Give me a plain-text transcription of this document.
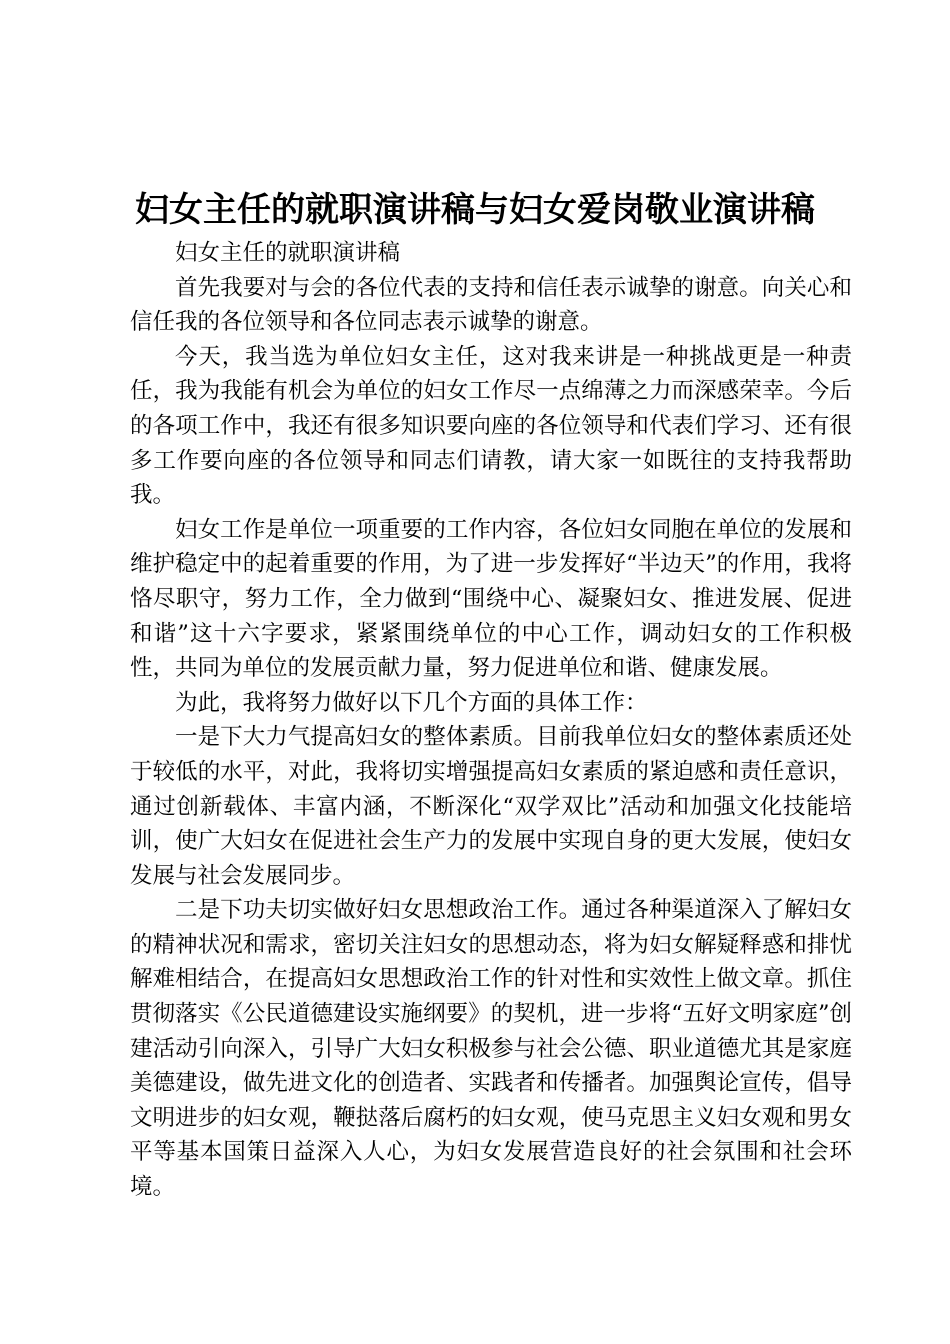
妇女主任的就职演讲稿与妇女爱岗敬业演讲稿

妇女主任的就职演讲稿

首先我要对与会的各位代表的支持和信任表示诚挚的谢意。向关心和信任我的各位领导和各位同志表示诚挚的谢意。

今天，我当选为单位妇女主任，这对我来讲是一种挑战更是一种责任，我为我能有机会为单位的妇女工作尽一点绵薄之力而深感荣幸。今后的各项工作中，我还有很多知识要向座的各位领导和代表们学习、还有很多工作要向座的各位领导和同志们请教，请大家一如既往的支持我帮助我。

妇女工作是单位一项重要的工作内容，各位妇女同胞在单位的发展和维护稳定中的起着重要的作用，为了进一步发挥好“半边天”的作用，我将恪尽职守，努力工作，全力做到“围绕中心、凝聚妇女、推进发展、促进和谐”这十六字要求，紧紧围绕单位的中心工作，调动妇女的工作积极性，共同为单位的发展贡献力量，努力促进单位和谐、健康发展。

为此，我将努力做好以下几个方面的具体工作：

一是下大力气提高妇女的整体素质。目前我单位妇女的整体素质还处于较低的水平，对此，我将切实增强提高妇女素质的紧迫感和责任意识，通过创新载体、丰富内涵，不断深化“双学双比”活动和加强文化技能培训，使广大妇女在促进社会生产力的发展中实现自身的更大发展，使妇女发展与社会发展同步。

二是下功夫切实做好妇女思想政治工作。通过各种渠道深入了解妇女的精神状况和需求，密切关注妇女的思想动态，将为妇女解疑释惑和排忧解难相结合，在提高妇女思想政治工作的针对性和实效性上做文章。抓住贯彻落实《公民道德建设实施纲要》的契机，进一步将“五好文明家庭”创建活动引向深入，引导广大妇女积极参与社会公德、职业道德尤其是家庭美德建设，做先进文化的创造者、实践者和传播者。加强舆论宣传，倡导文明进步的妇女观，鞭挞落后腐朽的妇女观，使马克思主义妇女观和男女平等基本国策日益深入人心，为妇女发展营造良好的社会氛围和社会环境。
